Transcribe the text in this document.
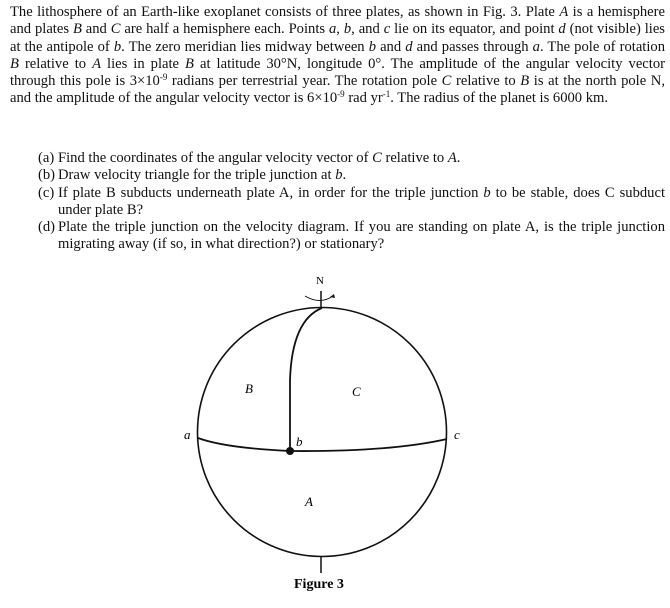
The lithosphere of an Earth-like exoplanet consists of three plates, as shown in Fig. 3. Plate A is a hemisphere and plates B and C are half a hemisphere each. Points a, b, and c lie on its equator, and point d (not visible) lies at the antipole of b. The zero meridian lies midway between b and d and passes through a. The pole of rotation B relative to A lies in plate B at latitude 30°N, longitude 0°. The amplitude of the angular velocity vector through this pole is $3\times 10^{-9}$ radians per terrestrial year. The rotation pole C relative to B is at the north pole N, and the amplitude of the angular velocity vector is $6\times 10^{-9}$ rad $yr^{-1}$. The radius of the planet is 6000 km.
(a) Find the coordinates of the angular velocity vector of C relative to A.
(b) Draw velocity triangle for the triple junction at b.
(c) If plate B subducts underneath plate A, in order for the triple junction b to be stable, does C subduct under plate B?
(d) Plate the triple junction on the velocity diagram. If you are standing on plate A, is the triple junction migrating away (if so, in what direction?) or stationary?
N
B	C
A
a	b	c
Figure 3
